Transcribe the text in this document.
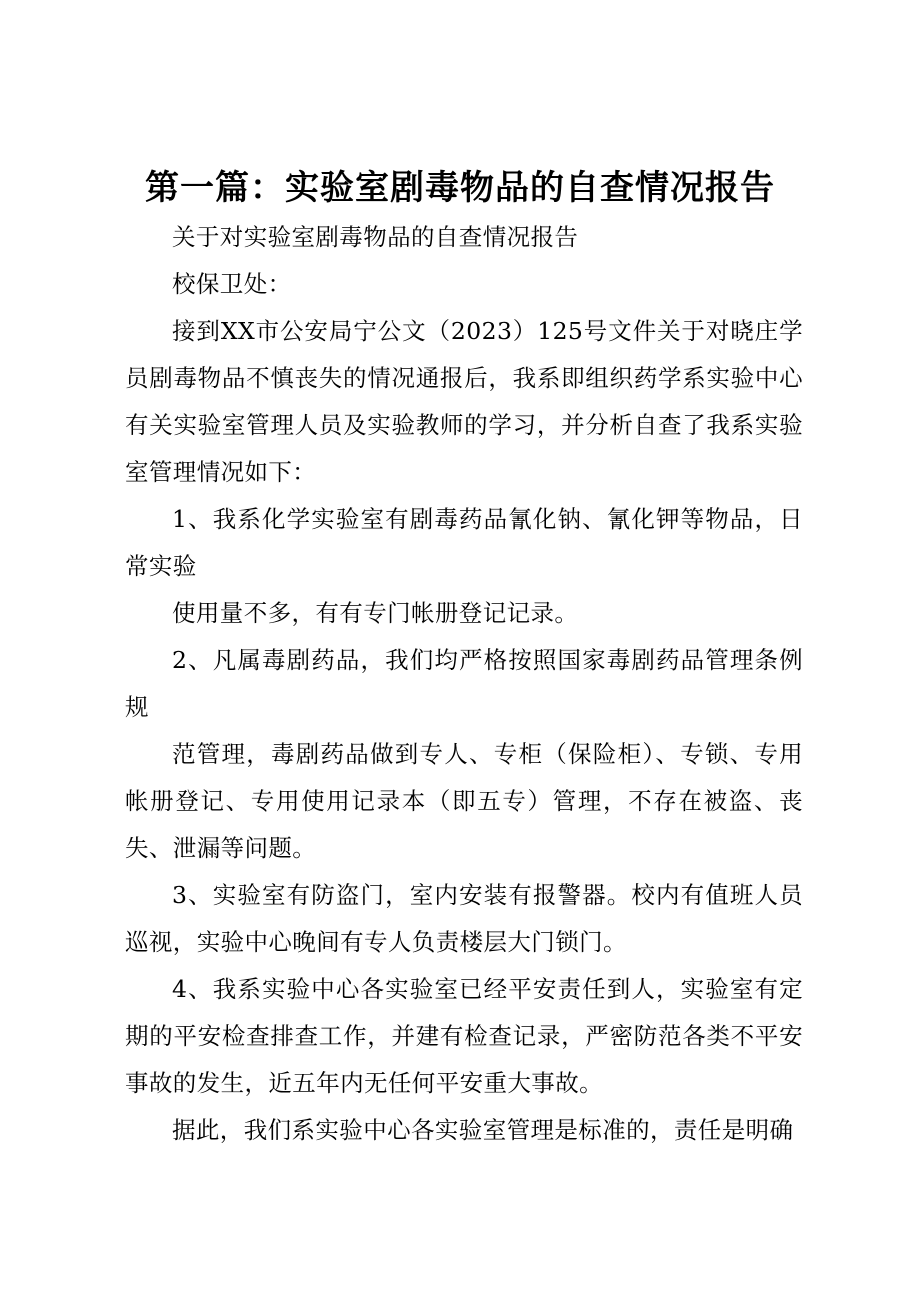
第一篇：实验室剧毒物品的自查情况报告

关于对实验室剧毒物品的自查情况报告

校保卫处：

接到XX市公安局宁公文（2023）125号文件关于对晓庄学员剧毒物品不慎丧失的情况通报后，我系即组织药学系实验中心有关实验室管理人员及实验教师的学习，并分析自查了我系实验室管理情况如下：

1、我系化学实验室有剧毒药品氰化钠、氰化钾等物品，日常实验

使用量不多，有有专门帐册登记记录。

2、凡属毒剧药品，我们均严格按照国家毒剧药品管理条例规

范管理，毒剧药品做到专人、专柜（保险柜）、专锁、专用帐册登记、专用使用记录本（即五专）管理，不存在被盗、丧失、泄漏等问题。

3、实验室有防盗门，室内安装有报警器。校内有值班人员巡视，实验中心晚间有专人负责楼层大门锁门。

4、我系实验中心各实验室已经平安责任到人，实验室有定期的平安检查排查工作，并建有检查记录，严密防范各类不平安事故的发生，近五年内无任何平安重大事故。

据此，我们系实验中心各实验室管理是标准的，责任是明确
